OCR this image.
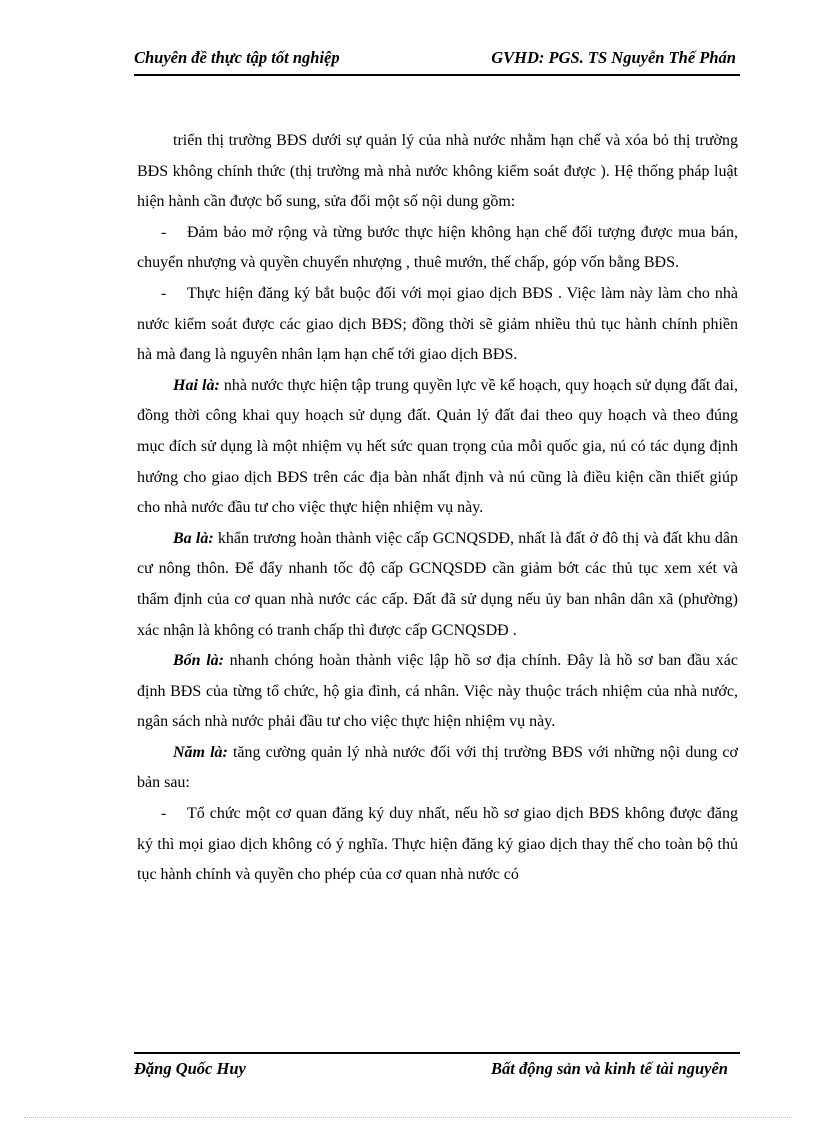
Chuyên đề thực tập tốt nghiệp	GVHD: PGS. TS Nguyễn Thế Phán

triển thị trường BĐS dưới sự quản lý của nhà nước nhằm hạn chế và xóa bỏ thị trường BĐS không chính thức (thị trường mà nhà nước không kiểm soát được ). Hệ thống pháp luật hiện hành cần được bổ sung, sửa đổi một số nội dung gồm:

- Đảm bảo mở rộng và từng bước thực hiện không hạn chế đối tượng được mua bán, chuyển nhượng và quyền chuyển nhượng , thuê mướn, thế chấp, góp vốn bằng BĐS.

- Thực hiện đăng ký bắt buộc đối với mọi giao dịch BĐS . Việc làm này làm cho nhà nước kiểm soát được các giao dịch BĐS; đồng thời sẽ giảm nhiều thủ tục hành chính phiền hà mà đang là nguyên nhân lạm hạn chế tới giao dịch BĐS.

Hai là: nhà nước thực hiện tập trung quyền lực về kế hoạch, quy hoạch sử dụng đất đai, đồng thời công khai quy hoạch sử dụng đất. Quản lý đất đai theo quy hoạch và theo đúng mục đích sử dụng là một nhiệm vụ hết sức quan trọng của mỗi quốc gia, nú có tác dụng định hướng cho giao dịch BĐS trên các địa bàn nhất định và nú cũng là điều kiện cần thiết giúp cho nhà nước đầu tư cho việc thực hiện nhiệm vụ này.

Ba là: khẩn trương hoàn thành việc cấp GCNQSDĐ, nhất là đất ở đô thị và đất khu dân cư nông thôn. Để đẩy nhanh tốc độ cấp GCNQSDĐ cần giảm bớt các thủ tục xem xét và thẩm định của cơ quan nhà nước các cấp. Đất đã sử dụng nếu ủy ban nhân dân xã (phường) xác nhận là không có tranh chấp thì được cấp GCNQSDĐ .

Bốn là: nhanh chóng hoàn thành việc lập hồ sơ địa chính. Đây là hồ sơ ban đầu xác định BĐS của từng tổ chức, hộ gia đình, cá nhân. Việc này thuộc trách nhiệm của nhà nước, ngân sách nhà nước phải đầu tư cho việc thực hiện nhiệm vụ này.

Năm là: tăng cường quản lý nhà nước đối với thị trường BĐS với những nội dung cơ bản sau:

- Tổ chức một cơ quan đăng ký duy nhất, nếu hồ sơ giao dịch BĐS không được đăng ký thì mọi giao dịch không có ý nghĩa. Thực hiện đăng ký giao dịch thay thế cho toàn bộ thủ tục hành chính và quyền cho phép của cơ quan nhà nước có

Đặng Quốc Huy	Bất động sản và kinh tế tài nguyên
